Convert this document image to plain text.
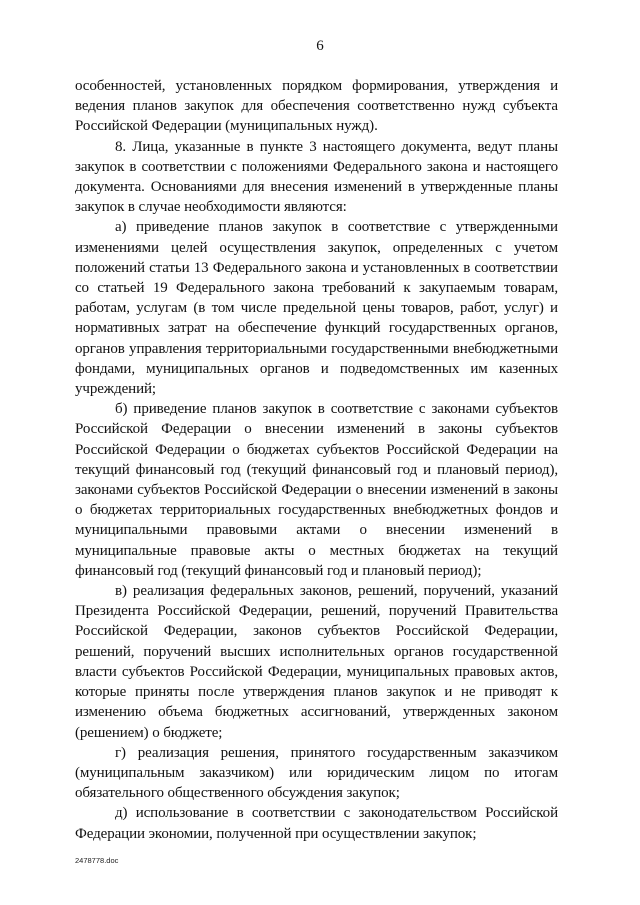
6

особенностей, установленных порядком формирования, утверждения и ведения планов закупок для обеспечения соответственно нужд субъекта Российской Федерации (муниципальных нужд).

8. Лица, указанные в пункте 3 настоящего документа, ведут планы закупок в соответствии с положениями Федерального закона и настоящего документа. Основаниями для внесения изменений в утвержденные планы закупок в случае необходимости являются:

а) приведение планов закупок в соответствие с утвержденными изменениями целей осуществления закупок, определенных с учетом положений статьи 13 Федерального закона и установленных в соответствии со статьей 19 Федерального закона требований к закупаемым товарам, работам, услугам (в том числе предельной цены товаров, работ, услуг) и нормативных затрат на обеспечение функций государственных органов, органов управления территориальными государственными внебюджетными фондами, муниципальных органов и подведомственных им казенных учреждений;

б) приведение планов закупок в соответствие с законами субъектов Российской Федерации о внесении изменений в законы субъектов Российской Федерации о бюджетах субъектов Российской Федерации на текущий финансовый год (текущий финансовый год и плановый период), законами субъектов Российской Федерации о внесении изменений в законы о бюджетах территориальных государственных внебюджетных фондов и муниципальными правовыми актами о внесении изменений в муниципальные правовые акты о местных бюджетах на текущий финансовый год (текущий финансовый год и плановый период);

в) реализация федеральных законов, решений, поручений, указаний Президента Российской Федерации, решений, поручений Правительства Российской Федерации, законов субъектов Российской Федерации, решений, поручений высших исполнительных органов государственной власти субъектов Российской Федерации, муниципальных правовых актов, которые приняты после утверждения планов закупок и не приводят к изменению объема бюджетных ассигнований, утвержденных законом (решением) о бюджете;

г) реализация решения, принятого государственным заказчиком (муниципальным заказчиком) или юридическим лицом по итогам обязательного общественного обсуждения закупок;

д) использование в соответствии с законодательством Российской Федерации экономии, полученной при осуществлении закупок;

2478778.doc
